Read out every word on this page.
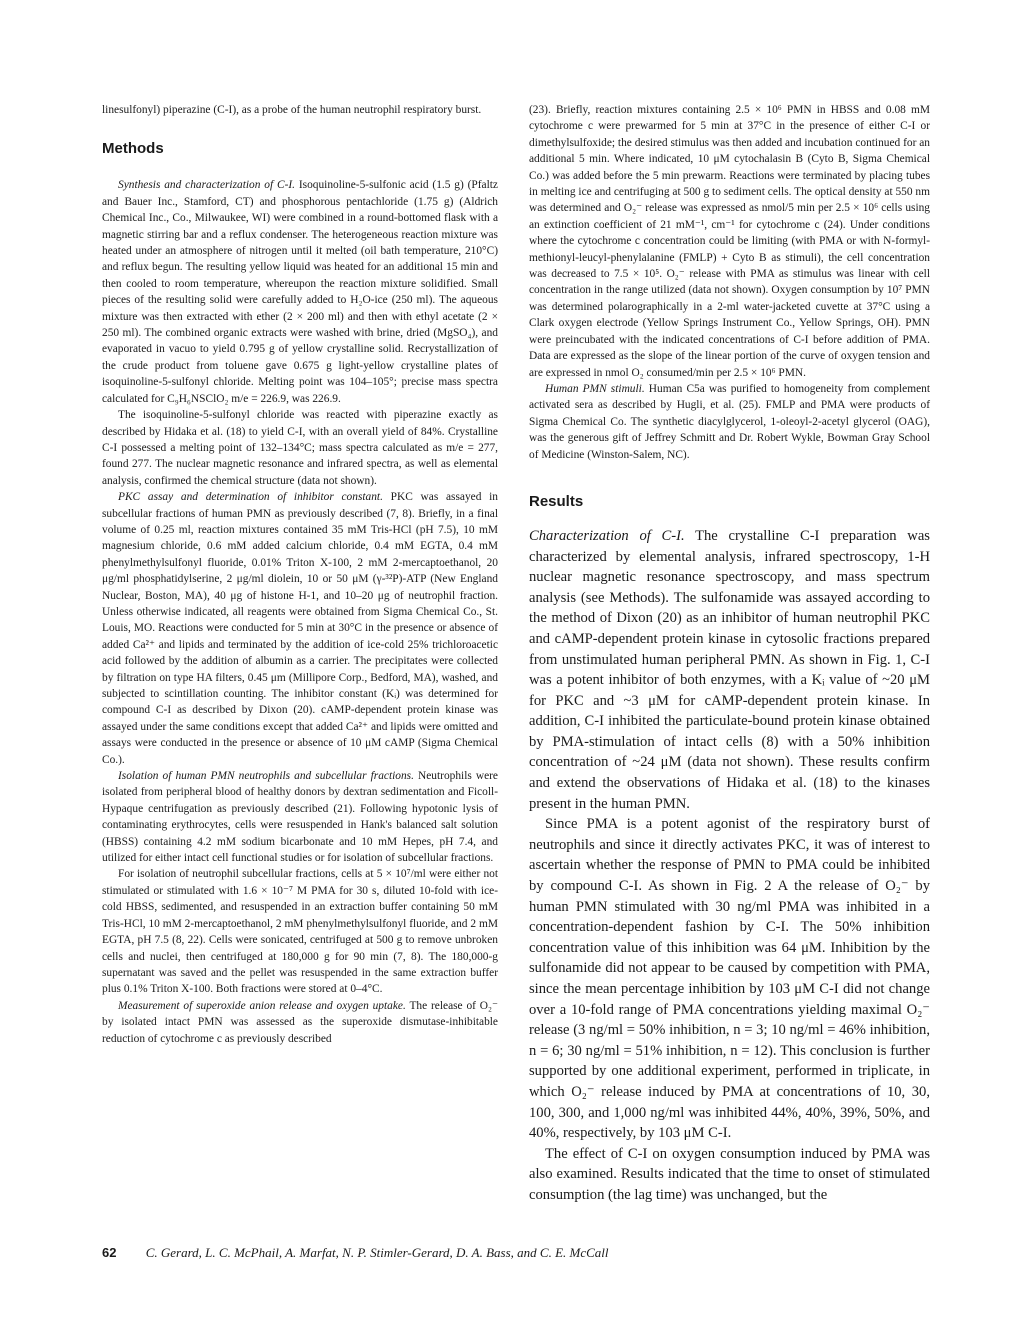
linesulfonyl) piperazine (C-I), as a probe of the human neutrophil respiratory burst.

Methods

Synthesis and characterization of C-I. Isoquinoline-5-sulfonic acid (1.5 g) (Pfaltz and Bauer Inc., Stamford, CT) and phosphorous pentachloride (1.75 g) (Aldrich Chemical Inc., Co., Milwaukee, WI) were combined in a round-bottomed flask with a magnetic stirring bar and a reflux condenser. The heterogeneous reaction mixture was heated under an atmosphere of nitrogen until it melted (oil bath temperature, 210°C) and reflux begun. The resulting yellow liquid was heated for an additional 15 min and then cooled to room temperature, whereupon the reaction mixture solidified. Small pieces of the resulting solid were carefully added to H₂O-ice (250 ml). The aqueous mixture was then extracted with ether (2 × 200 ml) and then with ethyl acetate (2 × 250 ml). The combined organic extracts were washed with brine, dried (MgSO₄), and evaporated in vacuo to yield 0.795 g of yellow crystalline solid. Recrystallization of the crude product from toluene gave 0.675 g light-yellow crystalline plates of isoquinoline-5-sulfonyl chloride. Melting point was 104–105°; precise mass spectra calculated for C₉H₆NSClO₂ m/e = 226.9, was 226.9.

The isoquinoline-5-sulfonyl chloride was reacted with piperazine exactly as described by Hidaka et al. (18) to yield C-I, with an overall yield of 84%. Crystalline C-I possessed a melting point of 132–134°C; mass spectra calculated as m/e = 277, found 277. The nuclear magnetic resonance and infrared spectra, as well as elemental analysis, confirmed the chemical structure (data not shown).

PKC assay and determination of inhibitor constant. PKC was assayed in subcellular fractions of human PMN as previously described (7, 8). Briefly, in a final volume of 0.25 ml, reaction mixtures contained 35 mM Tris-HCl (pH 7.5), 10 mM magnesium chloride, 0.6 mM added calcium chloride, 0.4 mM EGTA, 0.4 mM phenylmethylsulfonyl fluoride, 0.01% Triton X-100, 2 mM 2-mercaptoethanol, 20 μg/ml phosphatidylserine, 2 μg/ml diolein, 10 or 50 μM (γ-³²P)-ATP (New England Nuclear, Boston, MA), 40 μg of histone H-1, and 10–20 μg of neutrophil fraction. Unless otherwise indicated, all reagents were obtained from Sigma Chemical Co., St. Louis, MO. Reactions were conducted for 5 min at 30°C in the presence or absence of added Ca²⁺ and lipids and terminated by the addition of ice-cold 25% trichloroacetic acid followed by the addition of albumin as a carrier. The precipitates were collected by filtration on type HA filters, 0.45 μm (Millipore Corp., Bedford, MA), washed, and subjected to scintillation counting. The inhibitor constant (Kᵢ) was determined for compound C-I as described by Dixon (20). cAMP-dependent protein kinase was assayed under the same conditions except that added Ca²⁺ and lipids were omitted and assays were conducted in the presence or absence of 10 μM cAMP (Sigma Chemical Co.).

Isolation of human PMN neutrophils and subcellular fractions. Neutrophils were isolated from peripheral blood of healthy donors by dextran sedimentation and Ficoll-Hypaque centrifugation as previously described (21). Following hypotonic lysis of contaminating erythrocytes, cells were resuspended in Hank's balanced salt solution (HBSS) containing 4.2 mM sodium bicarbonate and 10 mM Hepes, pH 7.4, and utilized for either intact cell functional studies or for isolation of subcellular fractions.

For isolation of neutrophil subcellular fractions, cells at 5 × 10⁷/ml were either not stimulated or stimulated with 1.6 × 10⁻⁷ M PMA for 30 s, diluted 10-fold with ice-cold HBSS, sedimented, and resuspended in an extraction buffer containing 50 mM Tris-HCl, 10 mM 2-mercaptoethanol, 2 mM phenylmethylsulfonyl fluoride, and 2 mM EGTA, pH 7.5 (8, 22). Cells were sonicated, centrifuged at 500 g to remove unbroken cells and nuclei, then centrifuged at 180,000 g for 90 min (7, 8). The 180,000-g supernatant was saved and the pellet was resuspended in the same extraction buffer plus 0.1% Triton X-100. Both fractions were stored at 0–4°C.

Measurement of superoxide anion release and oxygen uptake. The release of O₂⁻ by isolated intact PMN was assessed as the superoxide dismutase-inhibitable reduction of cytochrome c as previously described

(23). Briefly, reaction mixtures containing 2.5 × 10⁶ PMN in HBSS and 0.08 mM cytochrome c were prewarmed for 5 min at 37°C in the presence of either C-I or dimethylsulfoxide; the desired stimulus was then added and incubation continued for an additional 5 min. Where indicated, 10 μM cytochalasin B (Cyto B, Sigma Chemical Co.) was added before the 5 min prewarm. Reactions were terminated by placing tubes in melting ice and centrifuging at 500 g to sediment cells. The optical density at 550 nm was determined and O₂⁻ release was expressed as nmol/5 min per 2.5 × 10⁶ cells using an extinction coefficient of 21 mM⁻¹, cm⁻¹ for cytochrome c (24). Under conditions where the cytochrome c concentration could be limiting (with PMA or with N-formyl-methionyl-leucyl-phenylalanine (FMLP) + Cyto B as stimuli), the cell concentration was decreased to 7.5 × 10⁵. O₂⁻ release with PMA as stimulus was linear with cell concentration in the range utilized (data not shown). Oxygen consumption by 10⁷ PMN was determined polarographically in a 2-ml water-jacketed cuvette at 37°C using a Clark oxygen electrode (Yellow Springs Instrument Co., Yellow Springs, OH). PMN were preincubated with the indicated concentrations of C-I before addition of PMA. Data are expressed as the slope of the linear portion of the curve of oxygen tension and are expressed in nmol O₂ consumed/min per 2.5 × 10⁶ PMN.

Human PMN stimuli. Human C5a was purified to homogeneity from complement activated sera as described by Hugli, et al. (25). FMLP and PMA were products of Sigma Chemical Co. The synthetic diacylglycerol, 1-oleoyl-2-acetyl glycerol (OAG), was the generous gift of Jeffrey Schmitt and Dr. Robert Wykle, Bowman Gray School of Medicine (Winston-Salem, NC).

Results

Characterization of C-I. The crystalline C-I preparation was characterized by elemental analysis, infrared spectroscopy, 1-H nuclear magnetic resonance spectroscopy, and mass spectrum analysis (see Methods). The sulfonamide was assayed according to the method of Dixon (20) as an inhibitor of human neutrophil PKC and cAMP-dependent protein kinase in cytosolic fractions prepared from unstimulated human peripheral PMN. As shown in Fig. 1, C-I was a potent inhibitor of both enzymes, with a Kᵢ value of ~20 μM for PKC and ~3 μM for cAMP-dependent protein kinase. In addition, C-I inhibited the particulate-bound protein kinase obtained by PMA-stimulation of intact cells (8) with a 50% inhibition concentration of ~24 μM (data not shown). These results confirm and extend the observations of Hidaka et al. (18) to the kinases present in the human PMN.

Since PMA is a potent agonist of the respiratory burst of neutrophils and since it directly activates PKC, it was of interest to ascertain whether the response of PMN to PMA could be inhibited by compound C-I. As shown in Fig. 2 A the release of O₂⁻ by human PMN stimulated with 30 ng/ml PMA was inhibited in a concentration-dependent fashion by C-I. The 50% inhibition concentration value of this inhibition was 64 μM. Inhibition by the sulfonamide did not appear to be caused by competition with PMA, since the mean percentage inhibition by 103 μM C-I did not change over a 10-fold range of PMA concentrations yielding maximal O₂⁻ release (3 ng/ml = 50% inhibition, n = 3; 10 ng/ml = 46% inhibition, n = 6; 30 ng/ml = 51% inhibition, n = 12). This conclusion is further supported by one additional experiment, performed in triplicate, in which O₂⁻ release induced by PMA at concentrations of 10, 30, 100, 300, and 1,000 ng/ml was inhibited 44%, 40%, 39%, 50%, and 40%, respectively, by 103 μM C-I.

The effect of C-I on oxygen consumption induced by PMA was also examined. Results indicated that the time to onset of stimulated consumption (the lag time) was unchanged, but the

62 C. Gerard, L. C. McPhail, A. Marfat, N. P. Stimler-Gerard, D. A. Bass, and C. E. McCall
